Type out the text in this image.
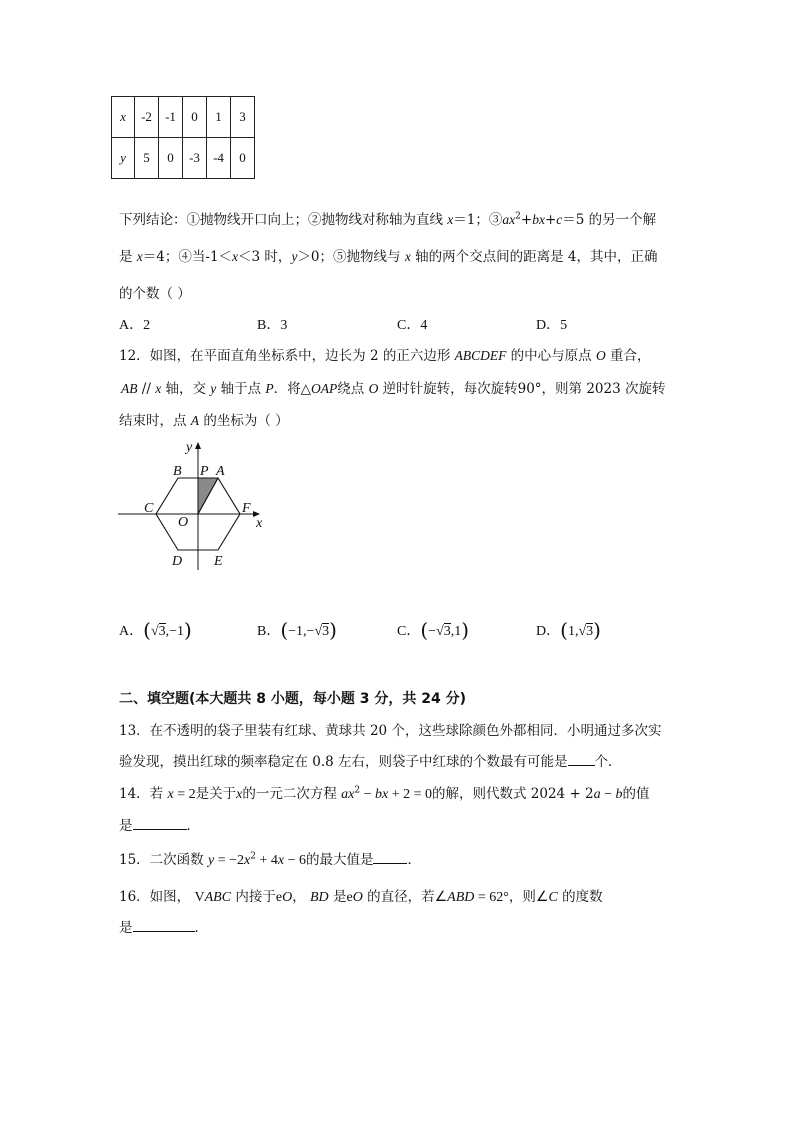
x	-2	-1	0	1	3
y	5	0	-3	-4	0
下列结论：①抛物线开口向上；②抛物线对称轴为直线 x＝1；$③ax^2+bx+c=5$ 的另一个解
是 x＝4；④当-1＜x＜3 时，y＞0；⑤抛物线与 x 轴的两个交点间的距离是 4，其中，正确
的个数（ ）
A．2	B．3	C．4	D．5
12．如图，在平面直角坐标系中，边长为 2 的正六边形 ABCDEF 的中心与原点 O 重合，
AB // x 轴，交 y 轴于点 P．将△OAP绕点 O 逆时针旋转，每次旋转90°，则第 2023 次旋转
结束时，点 A 的坐标为（ ）
y
x
B P A
C
O
F
D E
A．(√3,−1)	B．(−1,−√3)	C．(−√3,1)	D．(1,√3)
二、填空题(本大题共 8 小题，每小题 3 分，共 24 分)
13．在不透明的袋子里装有红球、黄球共 20 个，这些球除颜色外都相同．小明通过多次实
验发现，摸出红球的频率稳定在 0.8 左右，则袋子中红球的个数最有可能是 个．
14．若 x = 2是关于x的一元二次方程 $ax^2$ − bx + 2 = 0的解，则代数式 2024 + 2a − b的值
是	．
15．二次函数 $y = -2x^2 + 4x - 6$的最大值是	．
16．如图， VABC 内接于eO， BD 是eO 的直径，若∠ABD = 62°，则∠C 的度数
是	．
